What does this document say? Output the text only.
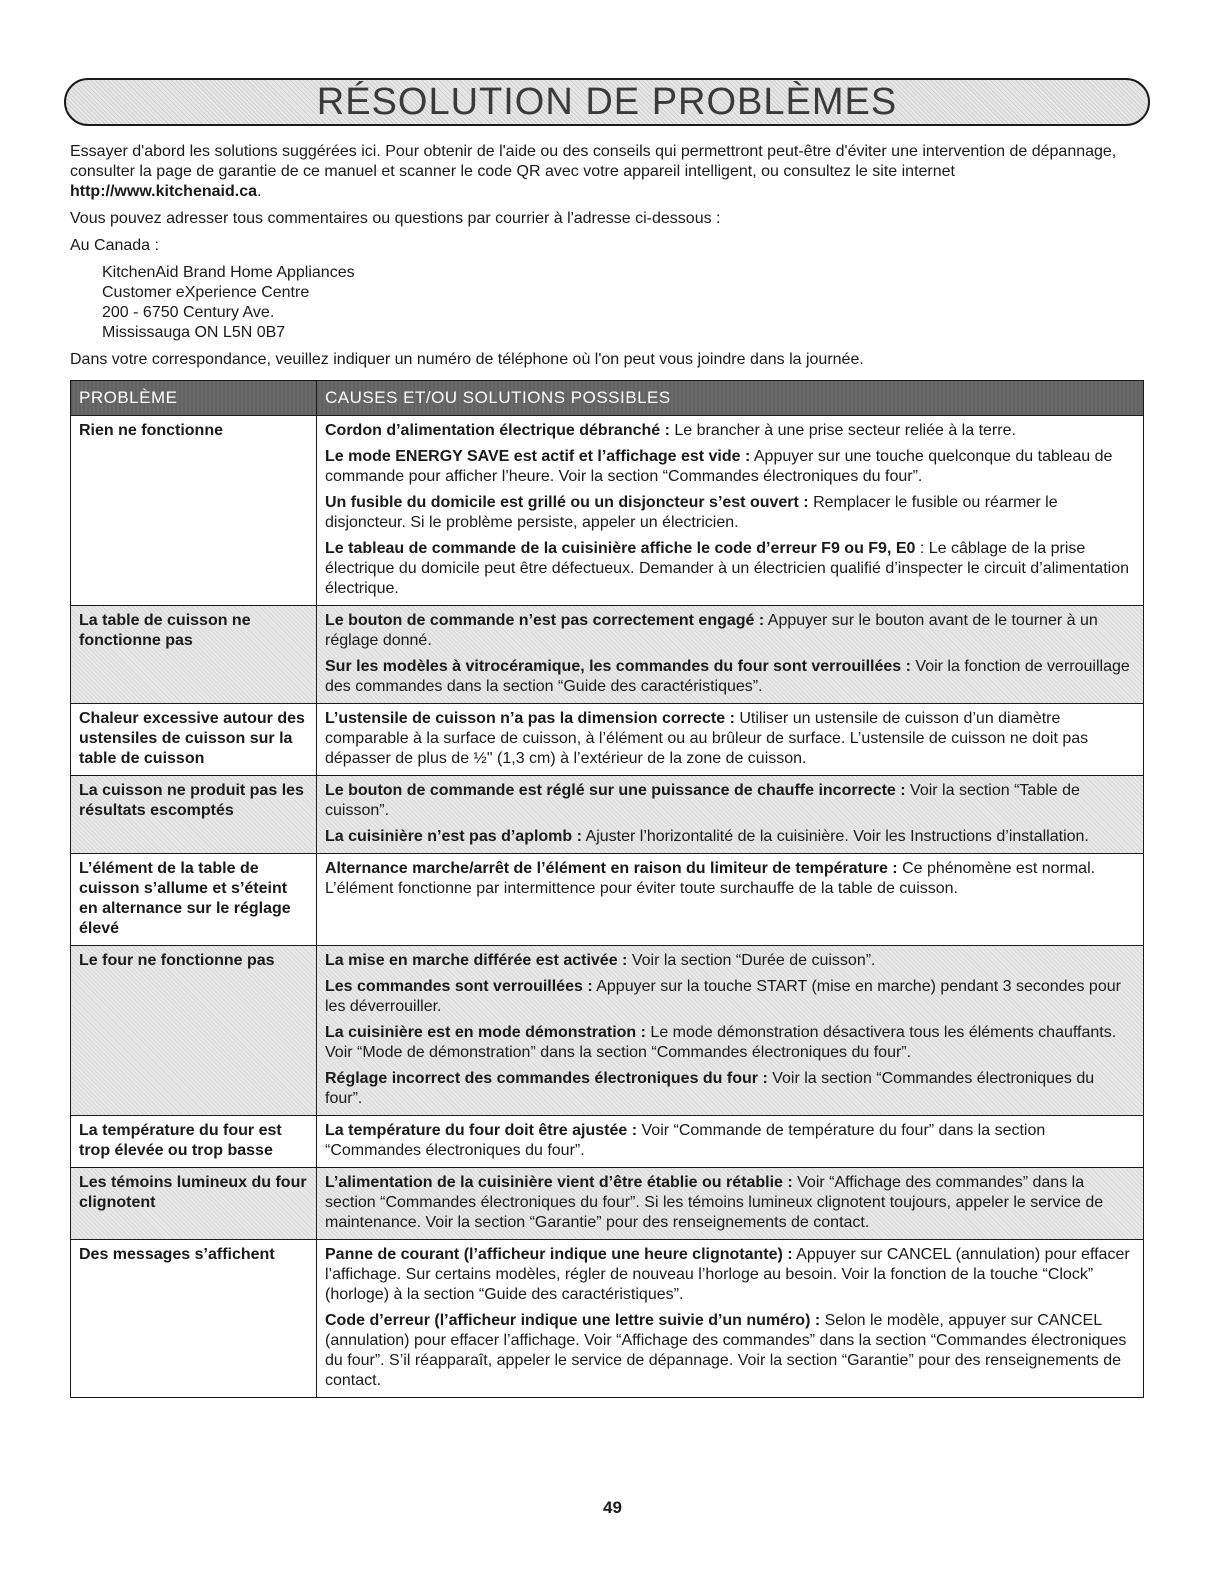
RÉSOLUTION DE PROBLÈMES

Essayer d'abord les solutions suggérées ici. Pour obtenir de l'aide ou des conseils qui permettront peut-être d'éviter une intervention de dépannage, consulter la page de garantie de ce manuel et scanner le code QR avec votre appareil intelligent, ou consultez le site internet http://www.kitchenaid.ca.

Vous pouvez adresser tous commentaires ou questions par courrier à l'adresse ci-dessous :

Au Canada :

KitchenAid Brand Home Appliances
Customer eXperience Centre
200 - 6750 Century Ave.
Mississauga ON L5N 0B7

Dans votre correspondance, veuillez indiquer un numéro de téléphone où l'on peut vous joindre dans la journée.

PROBLÈME	CAUSES ET/OU SOLUTIONS POSSIBLES
Rien ne fonctionne	Cordon d’alimentation électrique débranché : Le brancher à une prise secteur reliée à la terre.
Le mode ENERGY SAVE est actif et l’affichage est vide : Appuyer sur une touche quelconque du tableau de commande pour afficher l’heure. Voir la section “Commandes électroniques du four”.
Un fusible du domicile est grillé ou un disjoncteur s’est ouvert : Remplacer le fusible ou réarmer le disjoncteur. Si le problème persiste, appeler un électricien.
Le tableau de commande de la cuisinière affiche le code d’erreur F9 ou F9, E0 : Le câblage de la prise électrique du domicile peut être défectueux. Demander à un électricien qualifié d’inspecter le circuit d’alimentation électrique.

La table de cuisson ne fonctionne pas	Le bouton de commande n’est pas correctement engagé : Appuyer sur le bouton avant de le tourner à un réglage donné.
Sur les modèles à vitrocéramique, les commandes du four sont verrouillées : Voir la fonction de verrouillage des commandes dans la section “Guide des caractéristiques”.

Chaleur excessive autour des ustensiles de cuisson sur la table de cuisson	L’ustensile de cuisson n’a pas la dimension correcte : Utiliser un ustensile de cuisson d’un diamètre comparable à la surface de cuisson, à l’élément ou au brûleur de surface. L’ustensile de cuisson ne doit pas dépasser de plus de ½" (1,3 cm) à l’extérieur de la zone de cuisson.

La cuisson ne produit pas les résultats escomptés	Le bouton de commande est réglé sur une puissance de chauffe incorrecte : Voir la section “Table de cuisson”.
La cuisinière n’est pas d’aplomb : Ajuster l’horizontalité de la cuisinière. Voir les Instructions d’installation.

L’élément de la table de cuisson s’allume et s’éteint en alternance sur le réglage élevé	Alternance marche/arrêt de l’élément en raison du limiteur de température : Ce phénomène est normal. L’élément fonctionne par intermittence pour éviter toute surchauffe de la table de cuisson.

Le four ne fonctionne pas	La mise en marche différée est activée : Voir la section “Durée de cuisson”.
Les commandes sont verrouillées : Appuyer sur la touche START (mise en marche) pendant 3 secondes pour les déverrouiller.
La cuisinière est en mode démonstration : Le mode démonstration désactivera tous les éléments chauffants. Voir “Mode de démonstration” dans la section “Commandes électroniques du four”.
Réglage incorrect des commandes électroniques du four : Voir la section “Commandes électroniques du four”.

La température du four est trop élevée ou trop basse	La température du four doit être ajustée : Voir “Commande de température du four” dans la section “Commandes électroniques du four”.

Les témoins lumineux du four clignotent	L’alimentation de la cuisinière vient d’être établie ou rétablie : Voir “Affichage des commandes” dans la section “Commandes électroniques du four”. Si les témoins lumineux clignotent toujours, appeler le service de maintenance. Voir la section “Garantie” pour des renseignements de contact.

Des messages s’affichent	Panne de courant (l’afficheur indique une heure clignotante) : Appuyer sur CANCEL (annulation) pour effacer l’affichage. Sur certains modèles, régler de nouveau l’horloge au besoin. Voir la fonction de la touche “Clock” (horloge) à la section “Guide des caractéristiques”.
Code d’erreur (l’afficheur indique une lettre suivie d’un numéro) : Selon le modèle, appuyer sur CANCEL (annulation) pour effacer l’affichage. Voir “Affichage des commandes” dans la section “Commandes électroniques du four”. S’il réapparaît, appeler le service de dépannage. Voir la section “Garantie” pour des renseignements de contact.
49
